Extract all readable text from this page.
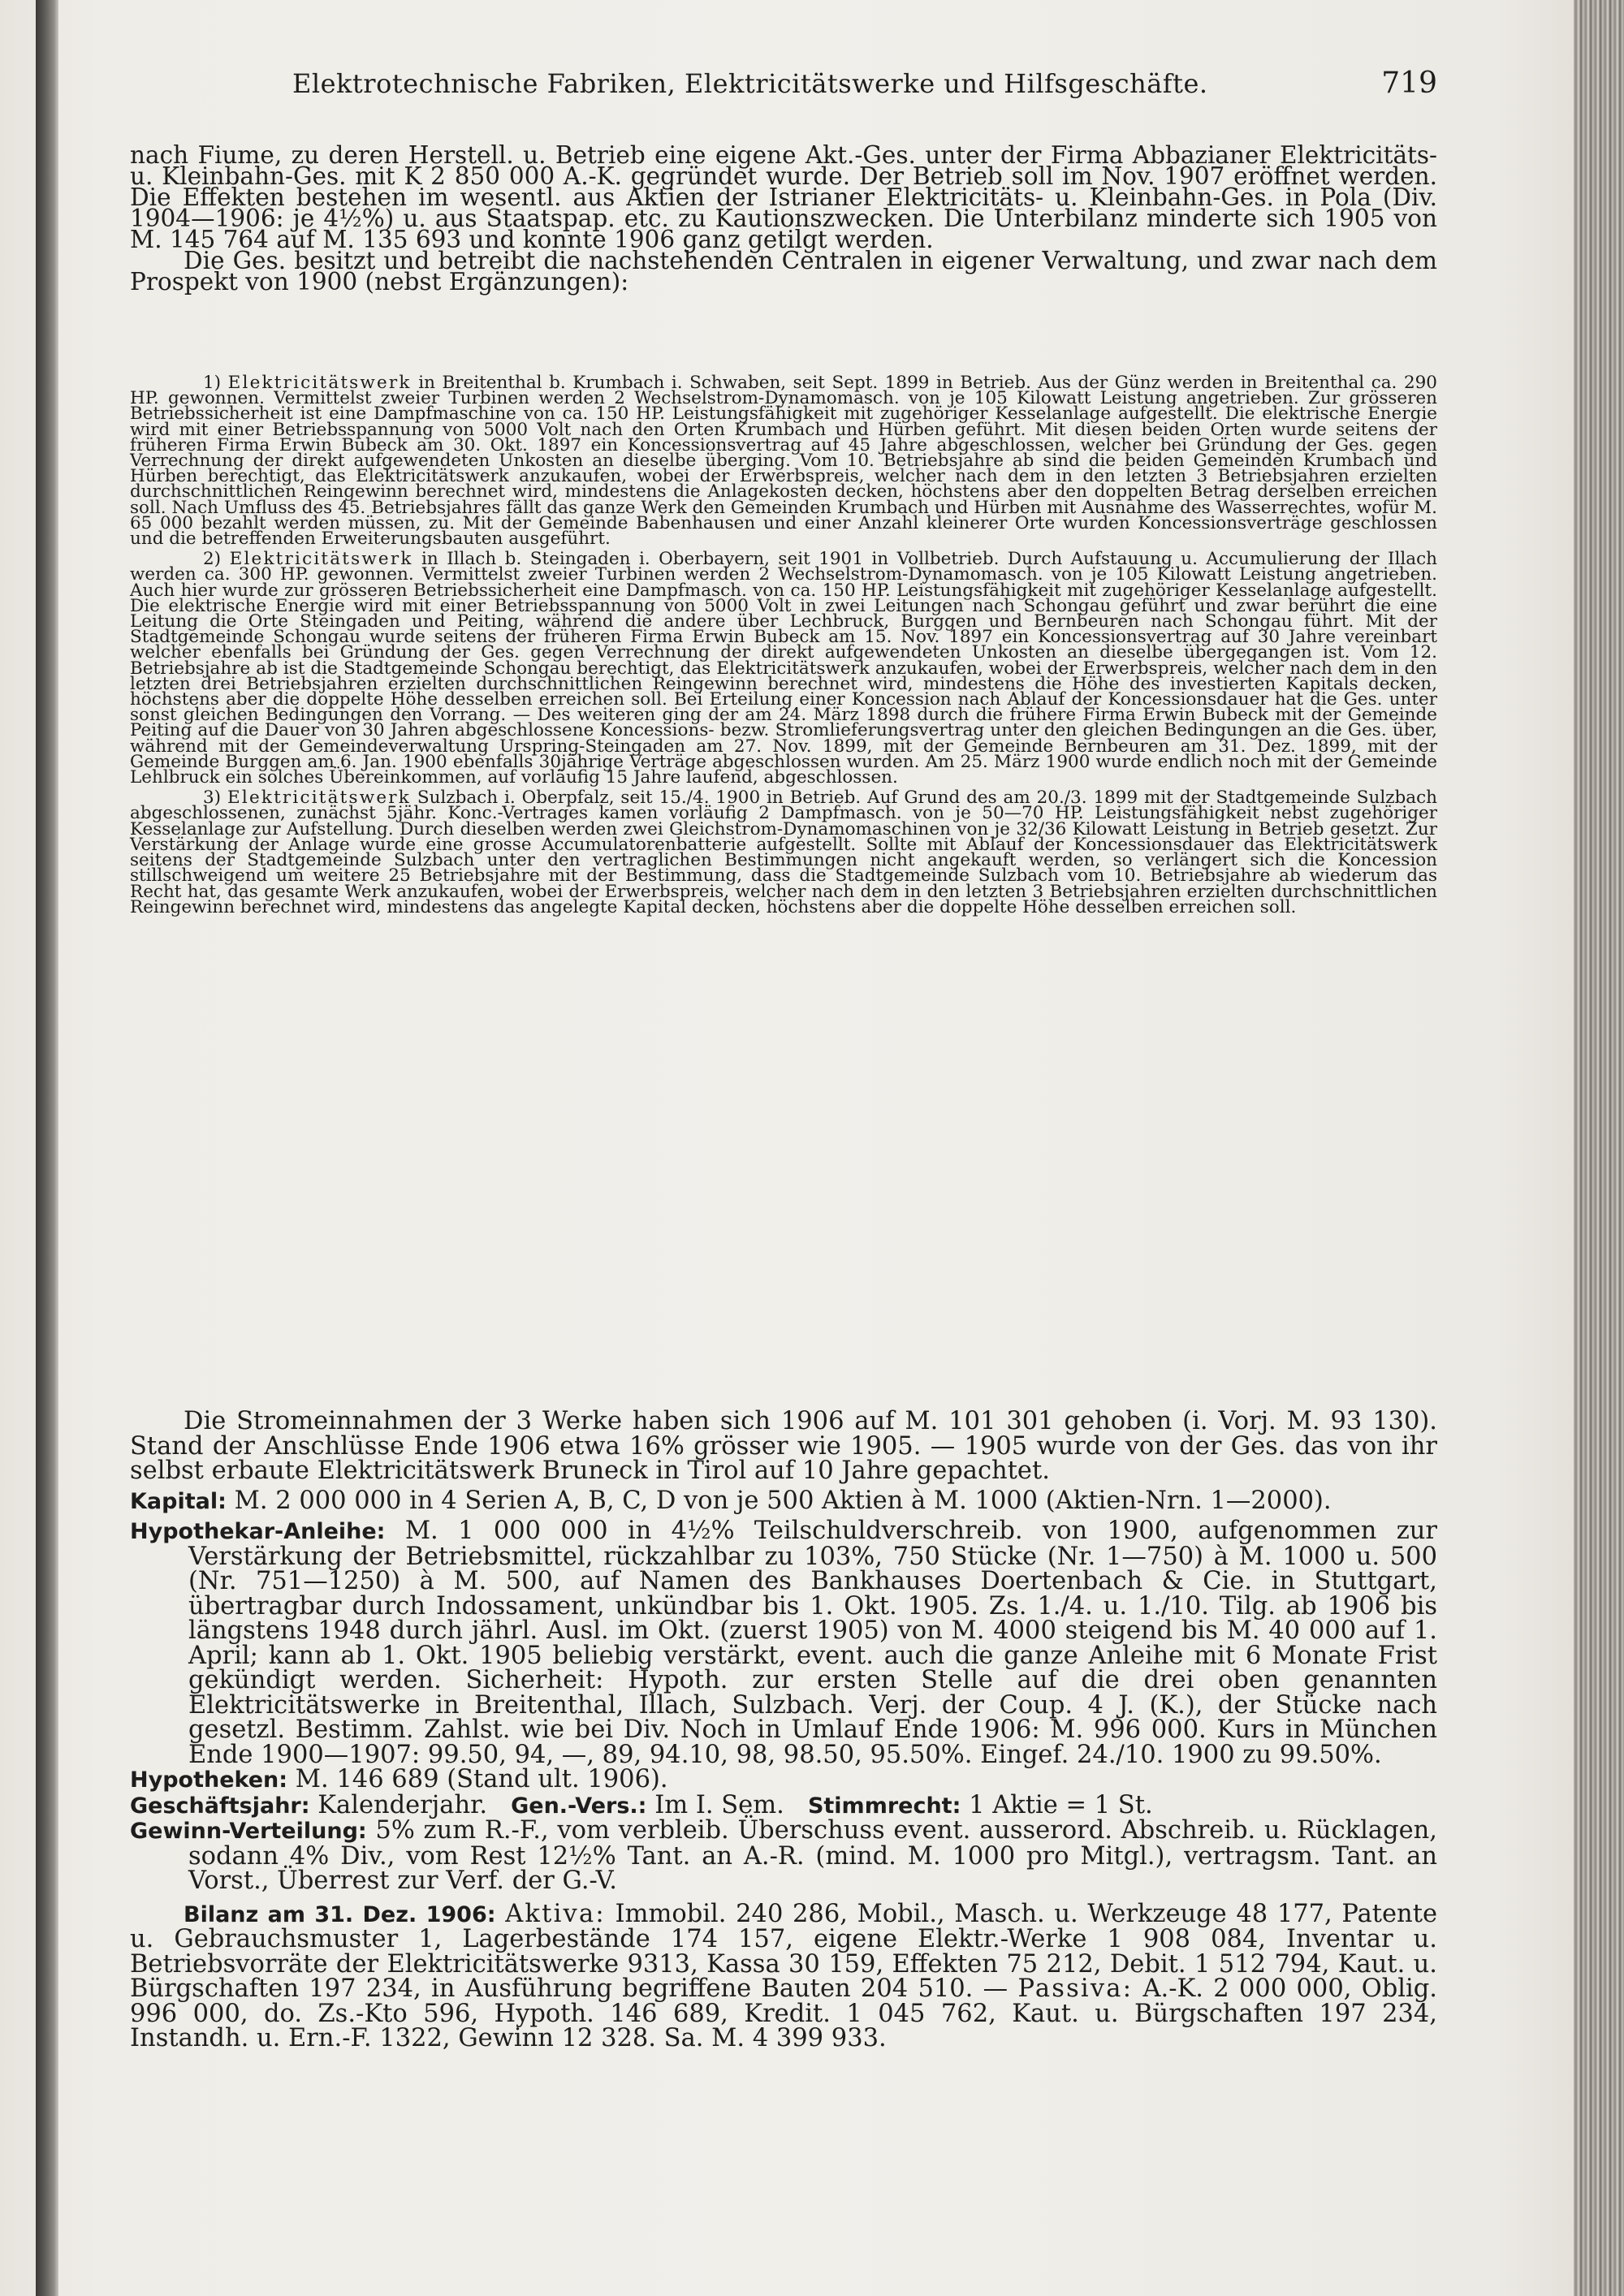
Elektrotechnische Fabriken, Elektricitätswerke und Hilfsgeschäfte.	719

nach Fiume, zu deren Herstell. u. Betrieb eine eigene Akt.-Ges. unter der Firma Abbazianer Elektricitäts- u. Kleinbahn-Ges. mit K 2 850 000 A.-K. gegründet wurde. Der Betrieb soll im Nov. 1907 eröffnet werden. Die Effekten bestehen im wesentl. aus Aktien der Istrianer Elektricitäts- u. Kleinbahn-Ges. in Pola (Div. 1904—1906: je 4½%) u. aus Staatspap. etc. zu Kautionszwecken. Die Unterbilanz minderte sich 1905 von M. 145 764 auf M. 135 693 und konnte 1906 ganz getilgt werden.

Die Ges. besitzt und betreibt die nachstehenden Centralen in eigener Verwaltung, und zwar nach dem Prospekt von 1900 (nebst Ergänzungen):

1) Elektricitätswerk in Breitenthal b. Krumbach i. Schwaben, seit Sept. 1899 in Betrieb. Aus der Günz werden in Breitenthal ca. 290 HP. gewonnen. Vermittelst zweier Turbinen werden 2 Wechselstrom-Dynamomasch. von je 105 Kilowatt Leistung angetrieben. Zur grösseren Betriebssicherheit ist eine Dampfmaschine von ca. 150 HP. Leistungsfähigkeit mit zugehöriger Kesselanlage aufgestellt. Die elektrische Energie wird mit einer Betriebsspannung von 5000 Volt nach den Orten Krumbach und Hürben geführt. Mit diesen beiden Orten wurde seitens der früheren Firma Erwin Bubeck am 30. Okt. 1897 ein Koncessionsvertrag auf 45 Jahre abgeschlossen, welcher bei Gründung der Ges. gegen Verrechnung der direkt aufgewendeten Unkosten an dieselbe überging. Vom 10. Betriebsjahre ab sind die beiden Gemeinden Krumbach und Hürben berechtigt, das Elektricitätswerk anzukaufen, wobei der Erwerbspreis, welcher nach dem in den letzten 3 Betriebsjahren erzielten durchschnittlichen Reingewinn berechnet wird, mindestens die Anlagekosten decken, höchstens aber den doppelten Betrag derselben erreichen soll. Nach Umfluss des 45. Betriebsjahres fällt das ganze Werk den Gemeinden Krumbach und Hürben mit Ausnahme des Wasserrechtes, wofür M. 65 000 bezahlt werden müssen, zu. Mit der Gemeinde Babenhausen und einer Anzahl kleinerer Orte wurden Koncessionsverträge geschlossen und die betreffenden Erweiterungsbauten ausgeführt.

2) Elektricitätswerk in Illach b. Steingaden i. Oberbayern, seit 1901 in Vollbetrieb. Durch Aufstauung u. Accumulierung der Illach werden ca. 300 HP. gewonnen. Vermittelst zweier Turbinen werden 2 Wechselstrom-Dynamomasch. von je 105 Kilowatt Leistung angetrieben. Auch hier wurde zur grösseren Betriebssicherheit eine Dampfmasch. von ca. 150 HP. Leistungsfähigkeit mit zugehöriger Kesselanlage aufgestellt. Die elektrische Energie wird mit einer Betriebsspannung von 5000 Volt in zwei Leitungen nach Schongau geführt und zwar berührt die eine Leitung die Orte Steingaden und Peiting, während die andere über Lechbruck, Burggen und Bernbeuren nach Schongau führt. Mit der Stadtgemeinde Schongau wurde seitens der früheren Firma Erwin Bubeck am 15. Nov. 1897 ein Koncessionsvertrag auf 30 Jahre vereinbart welcher ebenfalls bei Gründung der Ges. gegen Verrechnung der direkt aufgewendeten Unkosten an dieselbe übergegangen ist. Vom 12. Betriebsjahre ab ist die Stadtgemeinde Schongau berechtigt, das Elektricitätswerk anzukaufen, wobei der Erwerbspreis, welcher nach dem in den letzten drei Betriebsjahren erzielten durchschnittlichen Reingewinn berechnet wird, mindestens die Höhe des investierten Kapitals decken, höchstens aber die doppelte Höhe desselben erreichen soll. Bei Erteilung einer Koncession nach Ablauf der Koncessionsdauer hat die Ges. unter sonst gleichen Bedingungen den Vorrang. — Des weiteren ging der am 24. März 1898 durch die frühere Firma Erwin Bubeck mit der Gemeinde Peiting auf die Dauer von 30 Jahren abgeschlossene Koncessions- bezw. Stromlieferungsvertrag unter den gleichen Bedingungen an die Ges. über, während mit der Gemeindeverwaltung Urspring-Steingaden am 27. Nov. 1899, mit der Gemeinde Bernbeuren am 31. Dez. 1899, mit der Gemeinde Burggen am 6. Jan. 1900 ebenfalls 30jährige Verträge abgeschlossen wurden. Am 25. März 1900 wurde endlich noch mit der Gemeinde Lehlbruck ein solches Übereinkommen, auf vorläufig 15 Jahre laufend, abgeschlossen.

3) Elektricitätswerk Sulzbach i. Oberpfalz, seit 15./4. 1900 in Betrieb. Auf Grund des am 20./3. 1899 mit der Stadtgemeinde Sulzbach abgeschlossenen, zunächst 5jähr. Konc.-Vertrages kamen vorläufig 2 Dampfmasch. von je 50—70 HP. Leistungsfähigkeit nebst zugehöriger Kesselanlage zur Aufstellung. Durch dieselben werden zwei Gleichstrom-Dynamomaschinen von je 32/36 Kilowatt Leistung in Betrieb gesetzt. Zur Verstärkung der Anlage wurde eine grosse Accumulatorenbatterie aufgestellt. Sollte mit Ablauf der Koncessionsdauer das Elektricitätswerk seitens der Stadtgemeinde Sulzbach unter den vertraglichen Bestimmungen nicht angekauft werden, so verlängert sich die Koncession stillschweigend um weitere 25 Betriebsjahre mit der Bestimmung, dass die Stadtgemeinde Sulzbach vom 10. Betriebsjahre ab wiederum das Recht hat, das gesamte Werk anzukaufen, wobei der Erwerbspreis, welcher nach dem in den letzten 3 Betriebsjahren erzielten durchschnittlichen Reingewinn berechnet wird, mindestens das angelegte Kapital decken, höchstens aber die doppelte Höhe desselben erreichen soll.

Die Stromeinnahmen der 3 Werke haben sich 1906 auf M. 101 301 gehoben (i. Vorj. M. 93 130). Stand der Anschlüsse Ende 1906 etwa 16% grösser wie 1905. — 1905 wurde von der Ges. das von ihr selbst erbaute Elektricitätswerk Bruneck in Tirol auf 10 Jahre gepachtet.

Kapital: M. 2 000 000 in 4 Serien A, B, C, D von je 500 Aktien à M. 1000 (Aktien-Nrn. 1—2000).

Hypothekar-Anleihe: M. 1 000 000 in 4½% Teilschuldverschreib. von 1900, aufgenommen zur Verstärkung der Betriebsmittel, rückzahlbar zu 103%, 750 Stücke (Nr. 1—750) à M. 1000 u. 500 (Nr. 751—1250) à M. 500, auf Namen des Bankhauses Doertenbach & Cie. in Stuttgart, übertragbar durch Indossament, unkündbar bis 1. Okt. 1905. Zs. 1./4. u. 1./10. Tilg. ab 1906 bis längstens 1948 durch jährl. Ausl. im Okt. (zuerst 1905) von M. 4000 steigend bis M. 40 000 auf 1. April; kann ab 1. Okt. 1905 beliebig verstärkt, event. auch die ganze Anleihe mit 6 Monate Frist gekündigt werden. Sicherheit: Hypoth. zur ersten Stelle auf die drei oben genannten Elektricitätswerke in Breitenthal, Illach, Sulzbach. Verj. der Coup. 4 J. (K.), der Stücke nach gesetzl. Bestimm. Zahlst. wie bei Div. Noch in Umlauf Ende 1906: M. 996 000. Kurs in München Ende 1900—1907: 99.50, 94, —, 89, 94.10, 98, 98.50, 95.50%. Eingef. 24./10. 1900 zu 99.50%.

Hypotheken: M. 146 689 (Stand ult. 1906).

Geschäftsjahr: Kalenderjahr. Gen.-Vers.: Im I. Sem. Stimmrecht: 1 Aktie = 1 St.

Gewinn-Verteilung: 5% zum R.-F., vom verbleib. Überschuss event. ausserord. Abschreib. u. Rücklagen, sodann 4% Div., vom Rest 12½% Tant. an A.-R. (mind. M. 1000 pro Mitgl.), vertragsm. Tant. an Vorst., Überrest zur Verf. der G.-V.

Bilanz am 31. Dez. 1906: Aktiva: Immobil. 240 286, Mobil., Masch. u. Werkzeuge 48 177, Patente u. Gebrauchsmuster 1, Lagerbestände 174 157, eigene Elektr.-Werke 1 908 084, Inventar u. Betriebsvorräte der Elektricitätswerke 9313, Kassa 30 159, Effekten 75 212, Debit. 1 512 794, Kaut. u. Bürgschaften 197 234, in Ausführung begriffene Bauten 204 510. — Passiva: A.-K. 2 000 000, Oblig. 996 000, do. Zs.-Kto 596, Hypoth. 146 689, Kredit. 1 045 762, Kaut. u. Bürgschaften 197 234, Instandh. u. Ern.-F. 1322, Gewinn 12 328. Sa. M. 4 399 933.
